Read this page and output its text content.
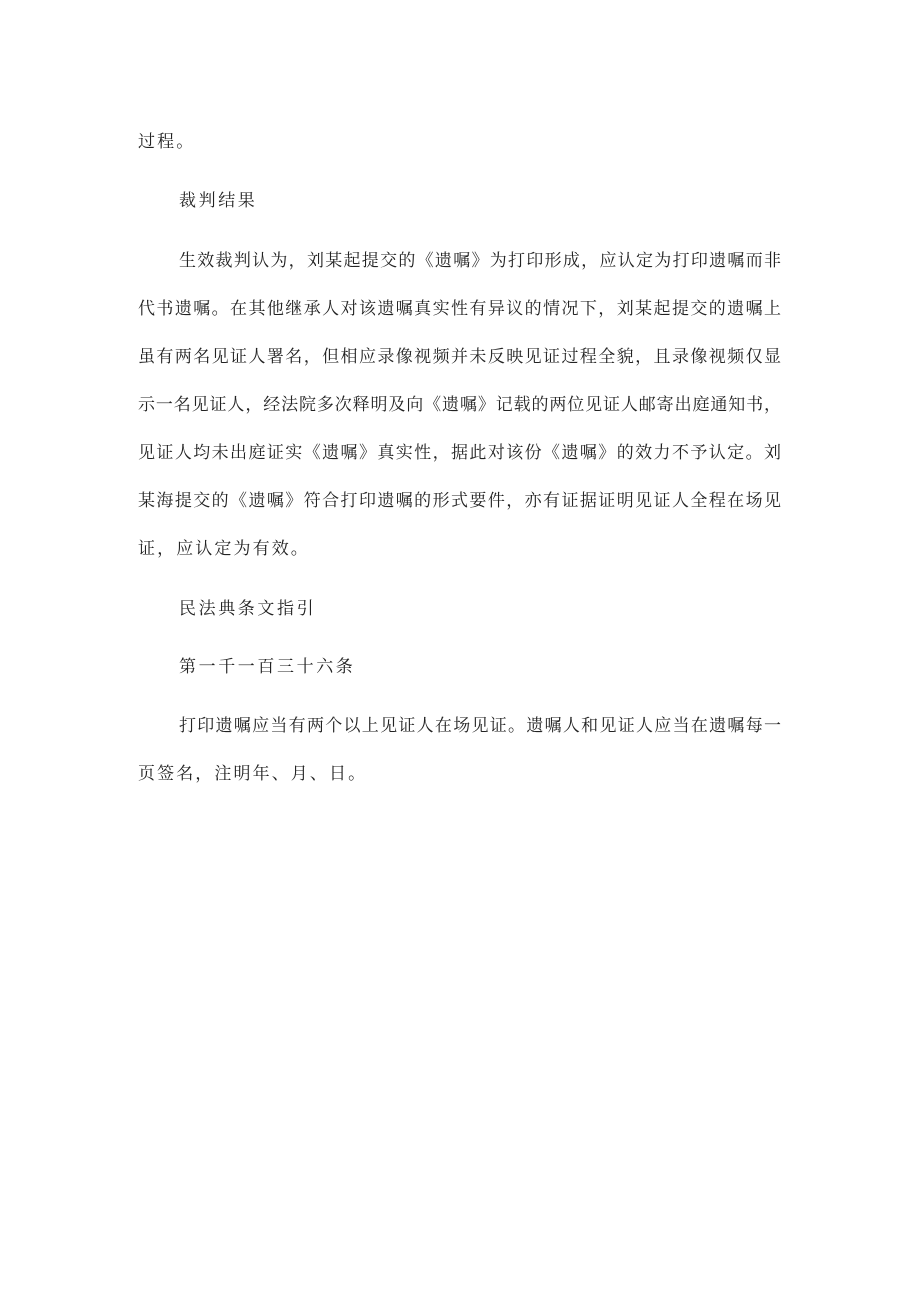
过程。
裁判结果
生效裁判认为，刘某起提交的《遗嘱》为打印形成，应认定为打印遗嘱而非
代书遗嘱。在其他继承人对该遗嘱真实性有异议的情况下，刘某起提交的遗嘱上
虽有两名见证人署名，但相应录像视频并未反映见证过程全貌，且录像视频仅显
示一名见证人，经法院多次释明及向《遗嘱》记载的两位见证人邮寄出庭通知书，
见证人均未出庭证实《遗嘱》真实性，据此对该份《遗嘱》的效力不予认定。刘
某海提交的《遗嘱》符合打印遗嘱的形式要件，亦有证据证明见证人全程在场见
证，应认定为有效。
民法典条文指引
第一千一百三十六条
打印遗嘱应当有两个以上见证人在场见证。遗嘱人和见证人应当在遗嘱每一
页签名，注明年、月、日。
